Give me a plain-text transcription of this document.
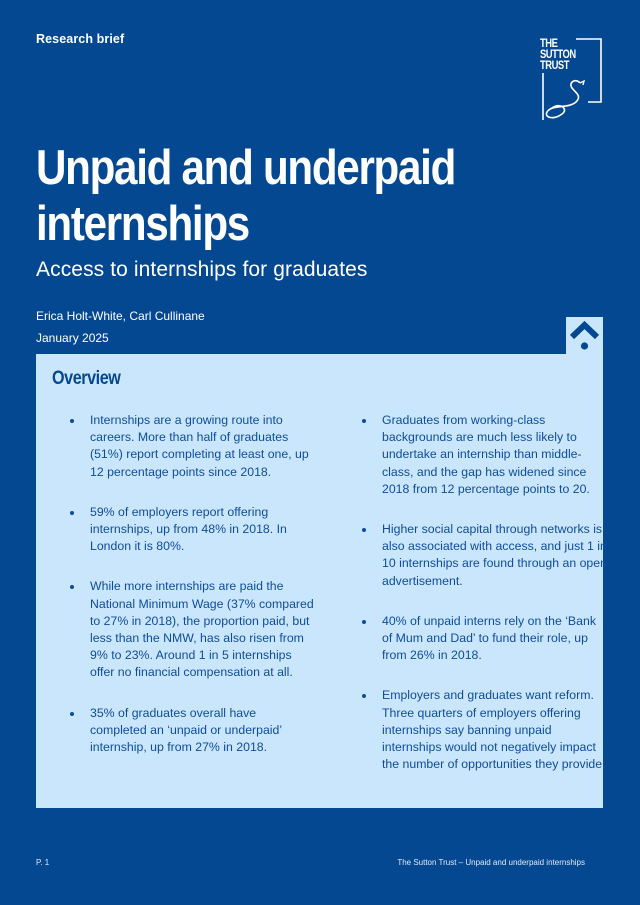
Research brief	THE
SUTTON
TRUST
Unpaid and underpaid internships
Access to internships for graduates
Erica Holt-White, Carl Cullinane
January 2025
Overview
Internships are a growing route into careers. More than half of graduates (51%) report completing at least one, up 12 percentage points since 2018.
59% of employers report offering internships, up from 48% in 2018. In London it is 80%.
While more internships are paid the National Minimum Wage (37% compared to 27% in 2018), the proportion paid, but less than the NMW, has also risen from 9% to 23%. Around 1 in 5 internships offer no financial compensation at all.
35% of graduates overall have completed an ‘unpaid or underpaid’ internship, up from 27% in 2018.
Graduates from working-class backgrounds are much less likely to undertake an internship than middle-class, and the gap has widened since 2018 from 12 percentage points to 20.
Higher social capital through networks is also associated with access, and just 1 in 10 internships are found through an open advertisement.
40% of unpaid interns rely on the ‘Bank of Mum and Dad’ to fund their role, up from 26% in 2018.
Employers and graduates want reform. Three quarters of employers offering internships say banning unpaid internships would not negatively impact the number of opportunities they provide.
P. 1	The Sutton Trust – Unpaid and underpaid internships
